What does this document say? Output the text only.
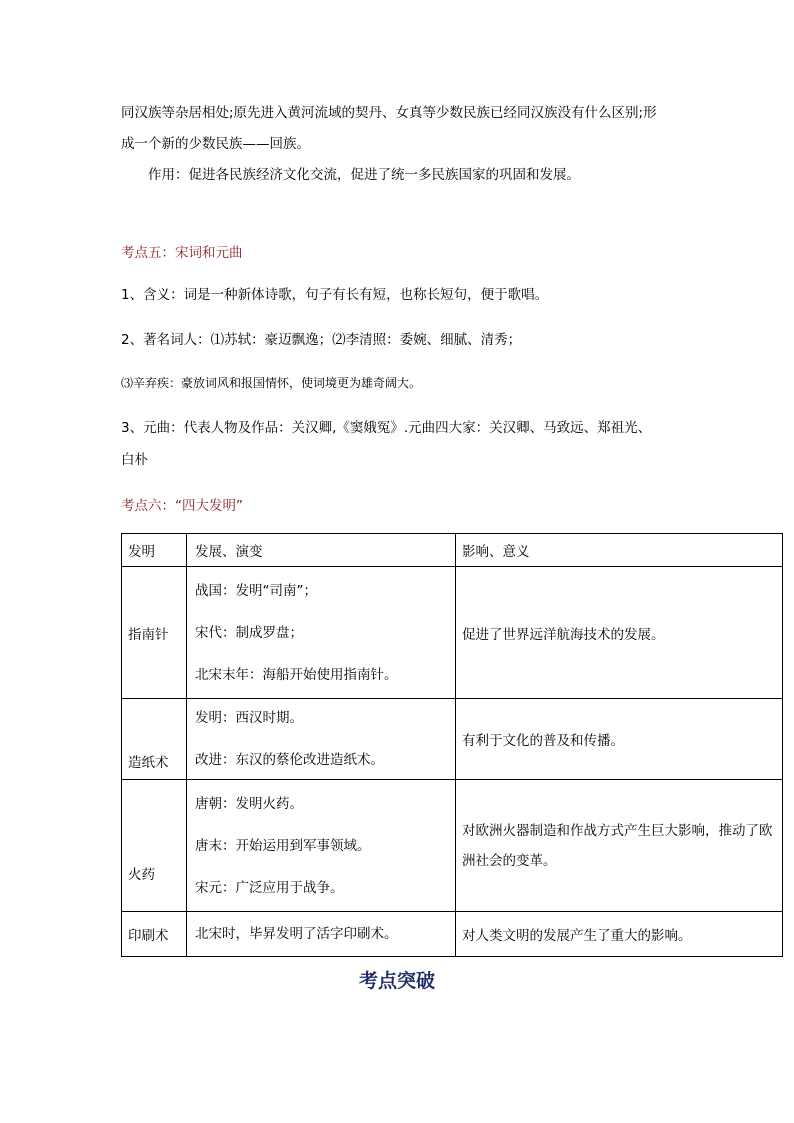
同汉族等杂居相处;原先进入黄河流域的契丹、女真等少数民族已经同汉族没有什么区别;形
成一个新的少数民族——回族。
作用：促进各民族经济文化交流，促进了统一多民族国家的巩固和发展。
考点五：宋词和元曲
1、含义：词是一种新体诗歌，句子有长有短，也称长短句，便于歌唱。
2、著名词人：⑴苏轼：豪迈飘逸；⑵李清照：委婉、细腻、清秀；
⑶辛弃疾：豪放词风和报国情怀，使词境更为雄奇阔大。
3、元曲：代表人物及作品：关汉卿,《窦娥冤》.元曲四大家：关汉卿、马致远、郑祖光、
白朴
考点六：“四大发明”
发明	发展、演变	影响、意义
指南针	战国：发明“司南”；
宋代：制成罗盘；
北宋末年：海船开始使用指南针。	促进了世界远洋航海技术的发展。
造纸术	发明：西汉时期。
改进：东汉的蔡伦改进造纸术。	有利于文化的普及和传播。
火药	唐朝：发明火药。
唐末：开始运用到军事领域。
宋元：广泛应用于战争。	对欧洲火器制造和作战方式产生巨大影响，推动了欧洲社会的变革。
印刷术	北宋时，毕昇发明了活字印刷术。	对人类文明的发展产生了重大的影响。
考点突破
